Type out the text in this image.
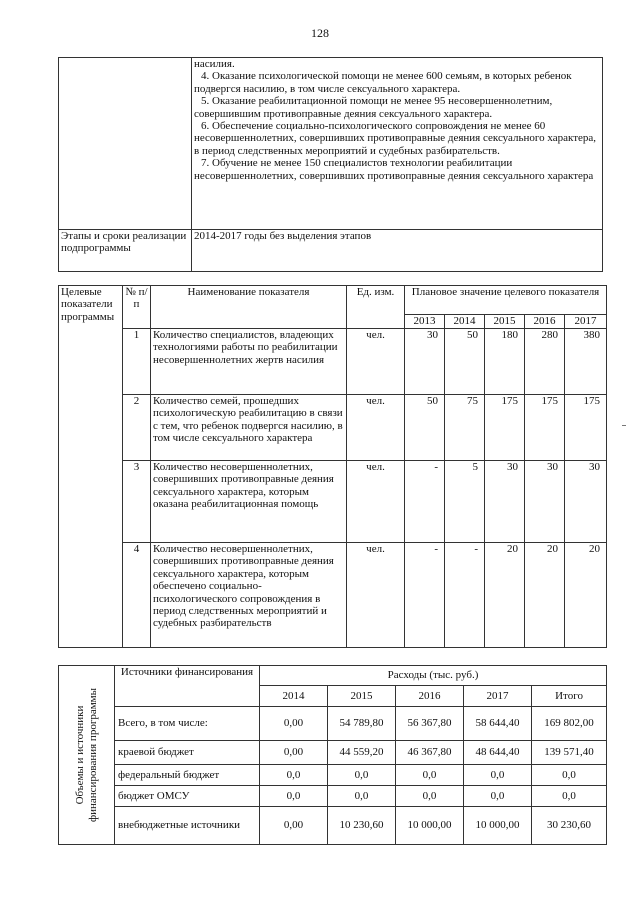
128

	насилия.

4. Оказание психологической помощи не менее 600 семьям, в которых ребенок подвергся насилию, в том числе сексуального характера.

5. Оказание реабилитационной помощи не менее 95 несовершеннолетним, совершившим противоправные деяния сексуального характера.

6. Обеспечение социально-психологического сопровождения не менее 60 несовершеннолетних, совершивших противоправные деяния сексуального характера, в период следственных мероприятий и судебных разбирательств.

7. Обучение не менее 150 специалистов технологии реабилитации несовершеннолетних, совершивших противоправные деяния сексуального характера

Этапы и сроки реализации подпрограммы	2014-2017 годы без выделения этапов
Целевые показатели программы	№ п/п	Наименование показателя	Ед. изм.	Плановое значение целевого показателя				
				2013	2014	2015	2016	2017
	1	Количество специалистов, владеющих технологиями работы по реабилитации несовершеннолетних жертв насилия	чел.	30	50	180	280	380
	2	Количество семей, прошедших психологическую реабилитацию в связи с тем, что ребенок подвергся насилию, в том числе сексуального характера	чел.	50	75	175	175	175
	3	Количество несовершеннолетних, совершивших противоправные деяния сексуального характера, которым оказана реабилитационная помощь	чел.	-	5	30	30	30
	4	Количество несовершеннолетних, совершивших противоправные деяния сексуального характера, которым обеспечено социально-психологического сопровождения в период следственных мероприятий и судебных разбирательств	чел.	-	-	20	20	20
Объемы и источники финансирования программы	Источники финансирования	Расходы (тыс. руб.)				
		2014	2015	2016	2017	Итого
	Всего, в том числе:	0,00	54 789,80	56 367,80	58 644,40	169 802,00
	краевой бюджет	0,00	44 559,20	46 367,80	48 644,40	139 571,40
	федеральный бюджет	0,0	0,0	0,0	0,0	0,0
	бюджет ОМСУ	0,0	0,0	0,0	0,0	0,0
	внебюджетные источники	0,00	10 230,60	10 000,00	10 000,00	30 230,60
